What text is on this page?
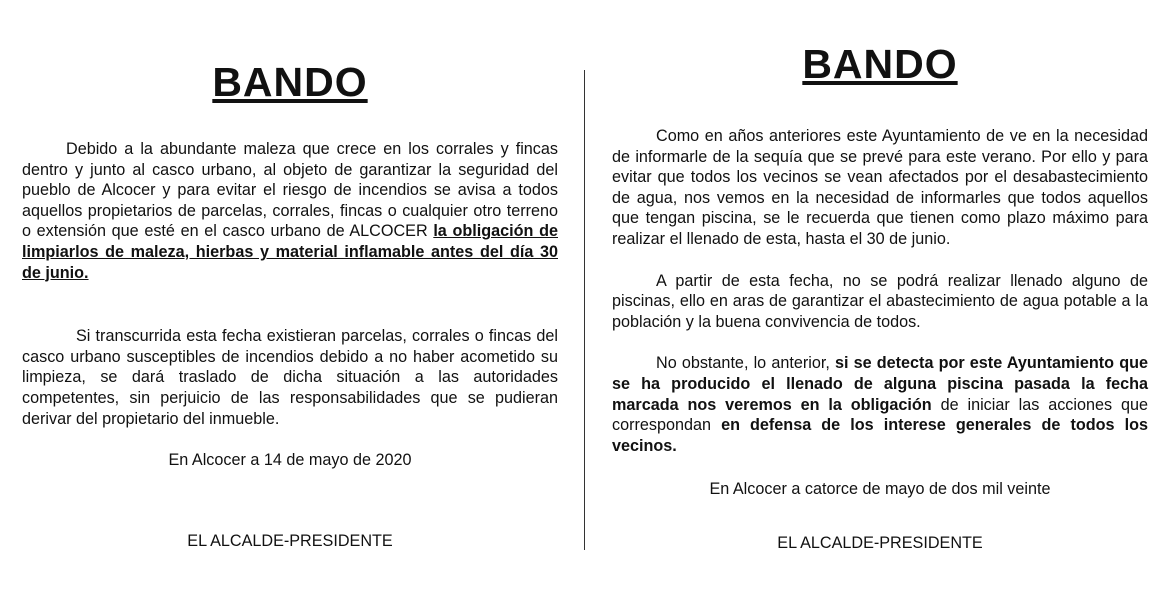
BANDO

Debido a la abundante maleza que crece en los corrales y fincas dentro y junto al casco urbano, al objeto de garantizar la seguridad del pueblo de Alcocer y para evitar el riesgo de incendios se avisa a todos aquellos propietarios de parcelas, corrales, fincas o cualquier otro terreno o extensión que esté en el casco urbano de ALCOCER la obligación de limpiarlos de maleza, hierbas y material inflamable antes del día 30 de junio.

Si transcurrida esta fecha existieran parcelas, corrales o fincas del casco urbano susceptibles de incendios debido a no haber acometido su limpieza, se dará traslado de dicha situación a las autoridades competentes, sin perjuicio de las responsabilidades que se pudieran derivar del propietario del inmueble.

En Alcocer a 14 de mayo de 2020

EL ALCALDE-PRESIDENTE

BANDO

Como en años anteriores este Ayuntamiento de ve en la necesidad de informarle de la sequía que se prevé para este verano. Por ello y para evitar que todos los vecinos se vean afectados por el desabastecimiento de agua, nos vemos en la necesidad de informarles que todos aquellos que tengan piscina, se le recuerda que tienen como plazo máximo para realizar el llenado de esta, hasta el 30 de junio.

A partir de esta fecha, no se podrá realizar llenado alguno de piscinas, ello en aras de garantizar el abastecimiento de agua potable a la población y la buena convivencia de todos.

No obstante, lo anterior, si se detecta por este Ayuntamiento que se ha producido el llenado de alguna piscina pasada la fecha marcada nos veremos en la obligación de iniciar las acciones que correspondan en defensa de los interese generales de todos los vecinos.

En Alcocer a catorce de mayo de dos mil veinte

EL ALCALDE-PRESIDENTE
